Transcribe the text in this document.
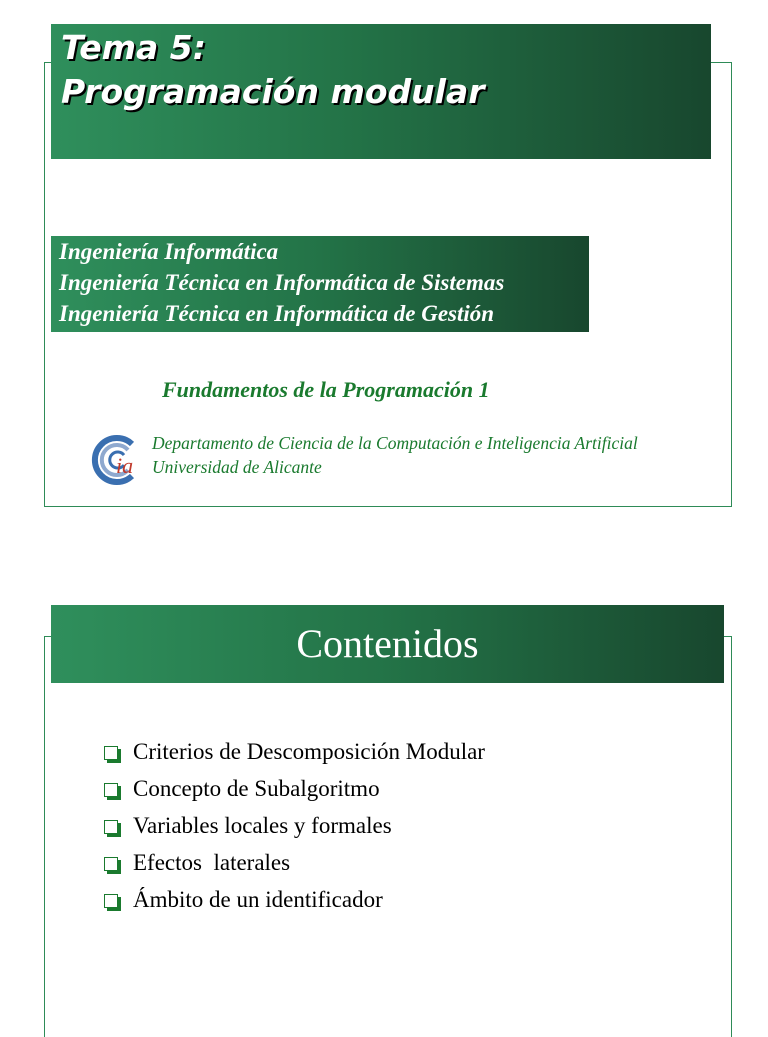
Tema 5:
Programación modular
Ingeniería Informática
Ingeniería Técnica en Informática de Sistemas
Ingeniería Técnica en Informática de Gestión
Fundamentos de la Programación 1
ia
Departamento de Ciencia de la Computación e Inteligencia Artificial
Universidad de Alicante
Contenidos
Criterios de Descomposición Modular
Concepto de Subalgoritmo
Variables locales y formales
Efectos  laterales
Ámbito de un identificador
